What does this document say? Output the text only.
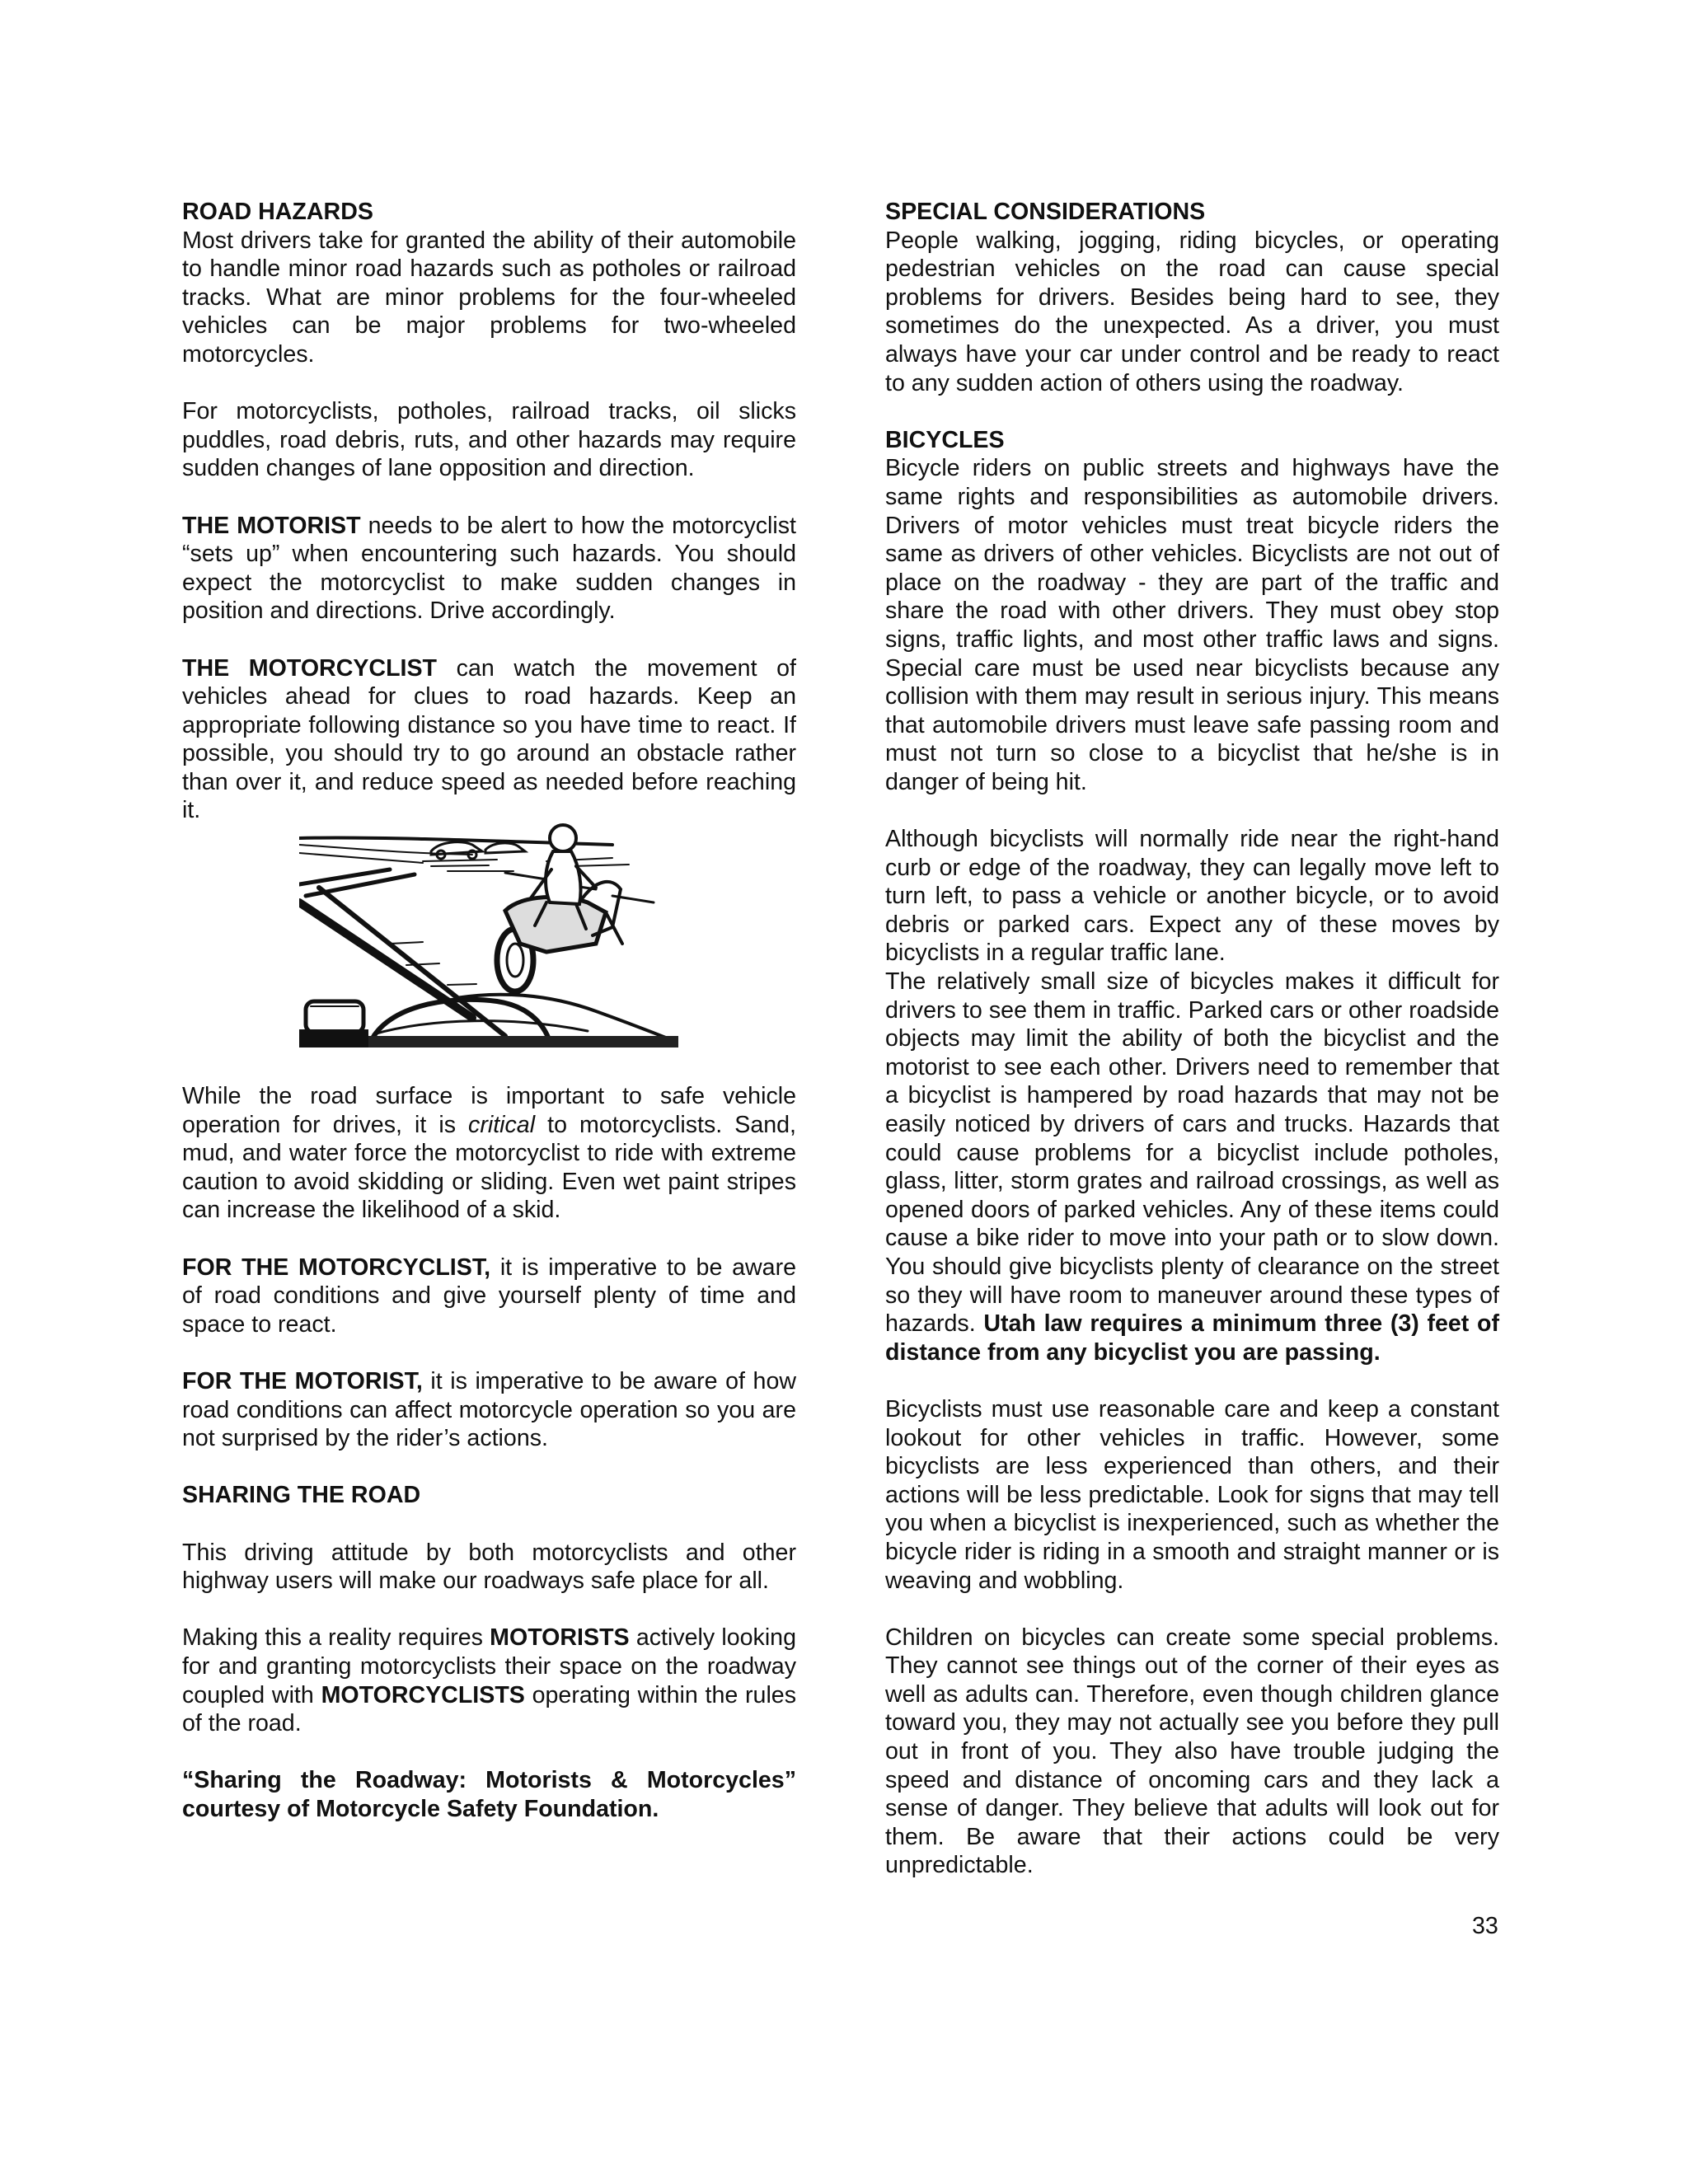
ROAD HAZARDS
Most drivers take for granted the ability of their automobile to handle minor road hazards such as potholes or railroad tracks. What are minor problems for the four-wheeled vehicles can be major problems for two-wheeled motorcycles.

For motorcyclists, potholes, railroad tracks, oil slicks puddles, road debris, ruts, and other hazards may require sudden changes of lane opposition and direction.

THE MOTORIST needs to be alert to how the motorcyclist “sets up” when encountering such hazards. You should expect the motorcyclist to make sudden changes in position and directions. Drive accordingly.

THE MOTORCYCLIST can watch the movement of vehicles ahead for clues to road hazards. Keep an appropriate following distance so you have time to react. If possible, you should try to go around an obstacle rather than over it, and reduce speed as needed before reaching it.

While the road surface is important to safe vehicle operation for drives, it is critical to motorcyclists. Sand, mud, and water force the motorcyclist to ride with extreme caution to avoid skidding or sliding. Even wet paint stripes can increase the likelihood of a skid.

FOR THE MOTORCYCLIST, it is imperative to be aware of road conditions and give yourself plenty of time and space to react.

FOR THE MOTORIST, it is imperative to be aware of how road conditions can affect motorcycle operation so you are not surprised by the rider’s actions.

SHARING THE ROAD

This driving attitude by both motorcyclists and other highway users will make our roadways safe place for all.

Making this a reality requires MOTORISTS actively looking for and granting motorcyclists their space on the roadway coupled with MOTORCYCLISTS operating within the rules of the road.

“Sharing the Roadway: Motorists & Motorcycles” courtesy of Motorcycle Safety Foundation.

SPECIAL CONSIDERATIONS
People walking, jogging, riding bicycles, or operating pedestrian vehicles on the road can cause special problems for drivers. Besides being hard to see, they sometimes do the unexpected. As a driver, you must always have your car under control and be ready to react to any sudden action of others using the roadway.

BICYCLES
Bicycle riders on public streets and highways have the same rights and responsibilities as automobile drivers. Drivers of motor vehicles must treat bicycle riders the same as drivers of other vehicles. Bicyclists are not out of place on the roadway - they are part of the traffic and share the road with other drivers. They must obey stop signs, traffic lights, and most other traffic laws and signs. Special care must be used near bicyclists because any collision with them may result in serious injury. This means that automobile drivers must leave safe passing room and must not turn so close to a bicyclist that he/she is in danger of being hit.

Although bicyclists will normally ride near the right-hand curb or edge of the roadway, they can legally move left to turn left, to pass a vehicle or another bicycle, or to avoid debris or parked cars. Expect any of these moves by bicyclists in a regular traffic lane.

The relatively small size of bicycles makes it difficult for drivers to see them in traffic. Parked cars or other roadside objects may limit the ability of both the bicyclist and the motorist to see each other. Drivers need to remember that a bicyclist is hampered by road hazards that may not be easily noticed by drivers of cars and trucks. Hazards that could cause problems for a bicyclist include potholes, glass, litter, storm grates and railroad crossings, as well as opened doors of parked vehicles. Any of these items could cause a bike rider to move into your path or to slow down. You should give bicyclists plenty of clearance on the street so they will have room to maneuver around these types of hazards. Utah law requires a minimum three (3) feet of distance from any bicyclist you are passing.

Bicyclists must use reasonable care and keep a constant lookout for other vehicles in traffic. However, some bicyclists are less experienced than others, and their actions will be less predictable. Look for signs that may tell you when a bicyclist is inexperienced, such as whether the bicycle rider is riding in a smooth and straight manner or is weaving and wobbling.

Children on bicycles can create some special problems. They cannot see things out of the corner of their eyes as well as adults can. Therefore, even though children glance toward you, they may not actually see you before they pull out in front of you. They also have trouble judging the speed and distance of oncoming cars and they lack a sense of danger. They believe that adults will look out for them. Be aware that their actions could be very unpredictable.

33
